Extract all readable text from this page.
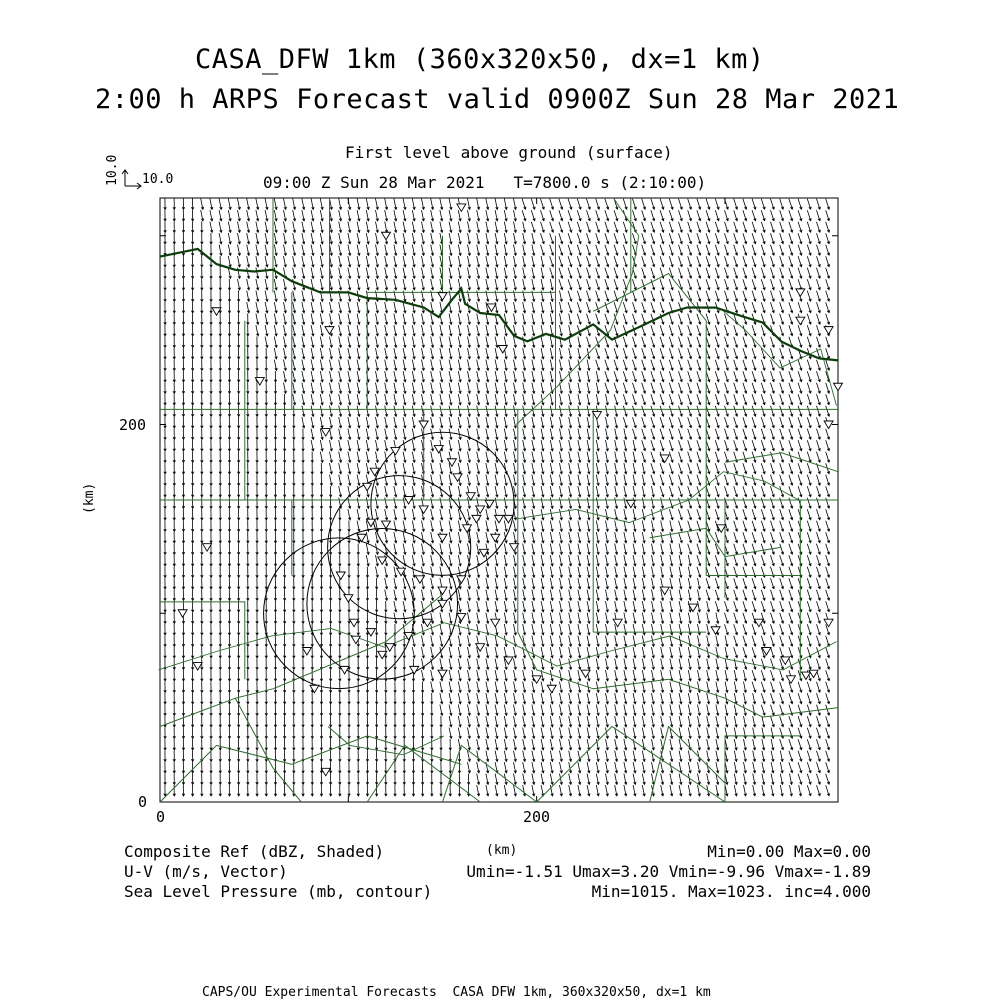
CASA_DFW 1km (360x320x50, dx=1 km)
2:00 h ARPS Forecast valid 0900Z Sun 28 Mar 2021
First level above ground (surface)
09:00 Z Sun 28 Mar 2021   T=7800.0 s (2:10:00)
10.0 10.0
0	200
0
200
(km)
(km)
Composite Ref (dBZ, Shaded)	Min=0.00 Max=0.00
U-V (m/s, Vector)	Umin=-1.51 Umax=3.20 Vmin=-9.96 Vmax=-1.89
Sea Level Pressure (mb, contour)	Min=1015. Max=1023. inc=4.000
CAPS/OU Experimental Forecasts  CASA DFW 1km, 360x320x50, dx=1 km
